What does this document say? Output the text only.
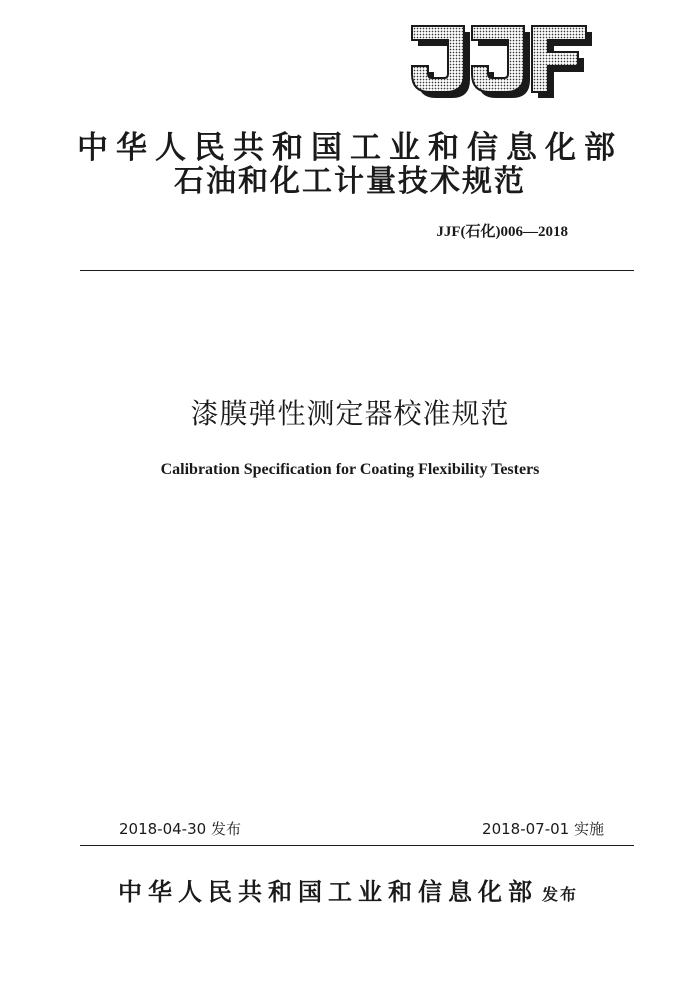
中华人民共和国工业和信息化部
石油和化工计量技术规范
JJF(石化)006—2018
漆膜弹性测定器校准规范
Calibration Specification for Coating Flexibility Testers
2018-04-30 发布	2018-07-01 实施
中华人民共和国工业和信息化部 发布
